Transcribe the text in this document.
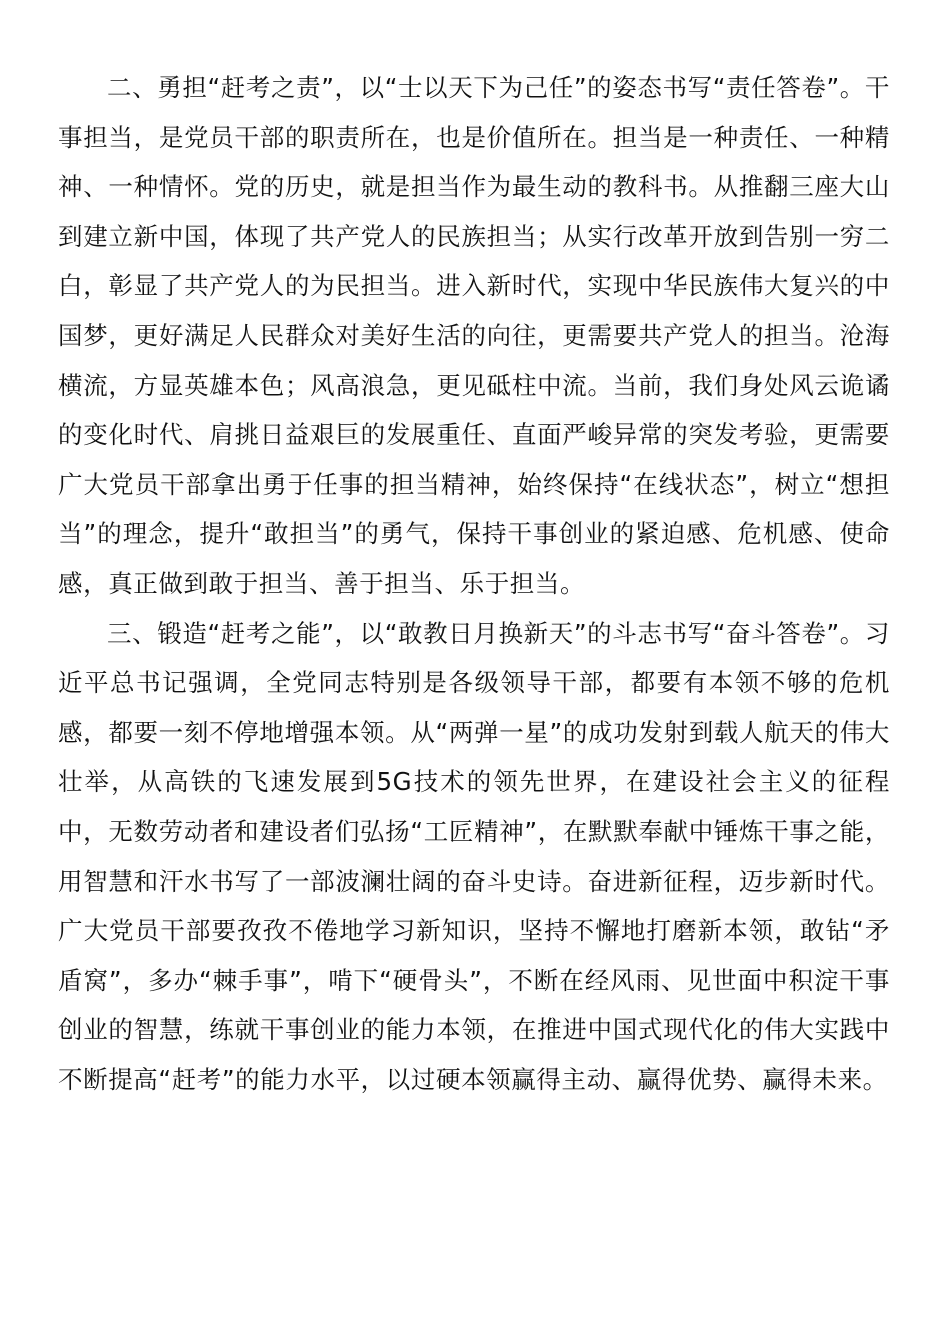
二、勇担“赶考之责”，以“士以天下为己任”的姿态书写“责任答卷”。干事担当，是党员干部的职责所在，也是价值所在。担当是一种责任、一种精神、一种情怀。党的历史，就是担当作为最生动的教科书。从推翻三座大山到建立新中国，体现了共产党人的民族担当；从实行改革开放到告别一穷二白，彰显了共产党人的为民担当。进入新时代，实现中华民族伟大复兴的中国梦，更好满足人民群众对美好生活的向往，更需要共产党人的担当。沧海横流，方显英雄本色；风高浪急，更见砥柱中流。当前，我们身处风云诡谲的变化时代、肩挑日益艰巨的发展重任、直面严峻异常的突发考验，更需要广大党员干部拿出勇于任事的担当精神，始终保持“在线状态”，树立“想担当”的理念，提升“敢担当”的勇气，保持干事创业的紧迫感、危机感、使命感，真正做到敢于担当、善于担当、乐于担当。

三、锻造“赶考之能”，以“敢教日月换新天”的斗志书写“奋斗答卷”。习近平总书记强调，全党同志特别是各级领导干部，都要有本领不够的危机感，都要一刻不停地增强本领。从“两弹一星”的成功发射到载人航天的伟大壮举，从高铁的飞速发展到5G技术的领先世界，在建设社会主义的征程中，无数劳动者和建设者们弘扬“工匠精神”，在默默奉献中锤炼干事之能，用智慧和汗水书写了一部波澜壮阔的奋斗史诗。奋进新征程，迈步新时代。广大党员干部要孜孜不倦地学习新知识，坚持不懈地打磨新本领，敢钻“矛盾窝”，多办“棘手事”，啃下“硬骨头”，不断在经风雨、见世面中积淀干事创业的智慧，练就干事创业的能力本领，在推进中国式现代化的伟大实践中不断提高“赶考”的能力水平，以过硬本领赢得主动、赢得优势、赢得未来。
